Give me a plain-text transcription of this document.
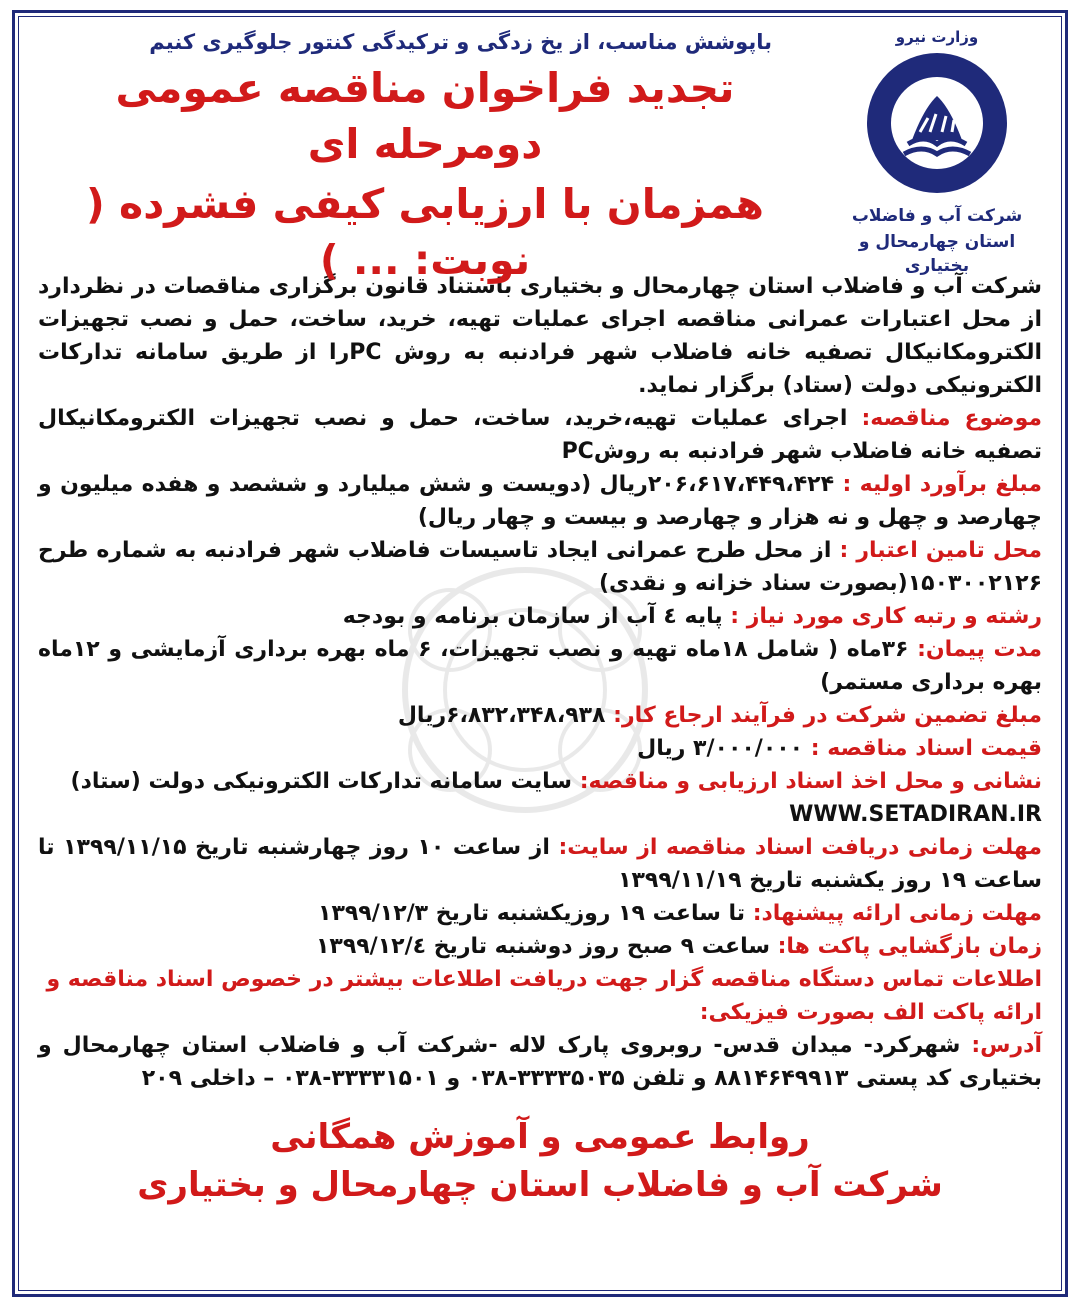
وزارت نیرو
شرکت آب و فاضلاب
استان چهارمحال و بختیاری
باپوشش مناسب، از یخ زدگی و ترکیدگی کنتور جلوگیری کنیم
تجدید فراخوان مناقصه عمومی دومرحله ای
همزمان با ارزیابی کیفی فشرده ( نوبت: ... )

شرکت آب و فاضلاب استان چهارمحال و بختیاری باستناد قانون برگزاری مناقصات در نظردارد از محل اعتبارات عمرانی مناقصه اجرای عملیات تهیه، خرید، ساخت، حمل و نصب تجهیزات الکترومکانیکال تصفیه خانه فاضلاب شهر فرادنبه به روش PCرا از طریق سامانه تدارکات الکترونیکی دولت (ستاد) برگزار نماید.

موضوع مناقصه: اجرای عملیات تهیه،خرید، ساخت، حمل و نصب تجهیزات الکترومکانیکال تصفیه خانه فاضلاب شهر فرادنبه به روشPC

مبلغ برآورد اولیه : ۲۰۶،۶۱۷،۴۴۹،۴۲۴ریال (دویست و شش میلیارد و ششصد و هفده میلیون و چهارصد و چهل و نه هزار و چهارصد و بیست و چهار ریال)

محل تامین اعتبار : از محل طرح عمرانی ایجاد تاسیسات فاضلاب شهر فرادنبه به شماره طرح ۱۵۰۳۰۰۲۱۲۶(بصورت سناد خزانه و نقدی)

رشته و رتبه کاری مورد نیاز : پایه ٤ آب از سازمان برنامه و بودجه

مدت پیمان: ۳۶ماه ( شامل ۱۸ماه تهیه و نصب تجهیزات، ۶ ماه بهره برداری آزمایشی و ۱۲ماه بهره برداری مستمر)

مبلغ تضمین شرکت در فرآیند ارجاع کار: ۶،۸۳۲،۳۴۸،۹۳۸ریال

قیمت اسناد مناقصه : ۳/۰۰۰/۰۰۰ ریال

نشانی و محل اخذ اسناد ارزیابی و مناقصه: سایت سامانه تدارکات الکترونیکی دولت (ستاد)

WWW.SETADIRAN.IR

مهلت زمانی دریافت اسناد مناقصه از سایت: از ساعت ۱۰ روز چهارشنبه تاریخ ۱۳۹۹/۱۱/۱۵ تا ساعت ۱۹ روز یکشنبه تاریخ ۱۳۹۹/۱۱/۱۹

مهلت زمانی ارائه پیشنهاد: تا ساعت ۱۹ روزیکشنبه تاریخ ۱۳۹۹/۱۲/۳

زمان بازگشایی پاکت ها: ساعت ۹ صبح روز دوشنبه تاریخ ۱۳۹۹/۱۲/٤

اطلاعات تماس دستگاه مناقصه گزار جهت دریافت اطلاعات بیشتر در خصوص اسناد مناقصه و ارائه پاکت الف بصورت فیزیکی:

آدرس: شهرکرد- میدان قدس- روبروی پارک لاله -شرکت آب و فاضلاب استان چهارمحال و بختیاری کد پستی ۸۸۱۴۶۴۹۹۱۳ و تلفن ۳۳۳۳۵۰۳۵-۰۳۸ و ۳۳۳۳۱۵۰۱-۰۳۸ – داخلی ۲۰۹

روابط عمومی و آموزش همگانی
شرکت آب و فاضلاب استان چهارمحال و بختیاری
